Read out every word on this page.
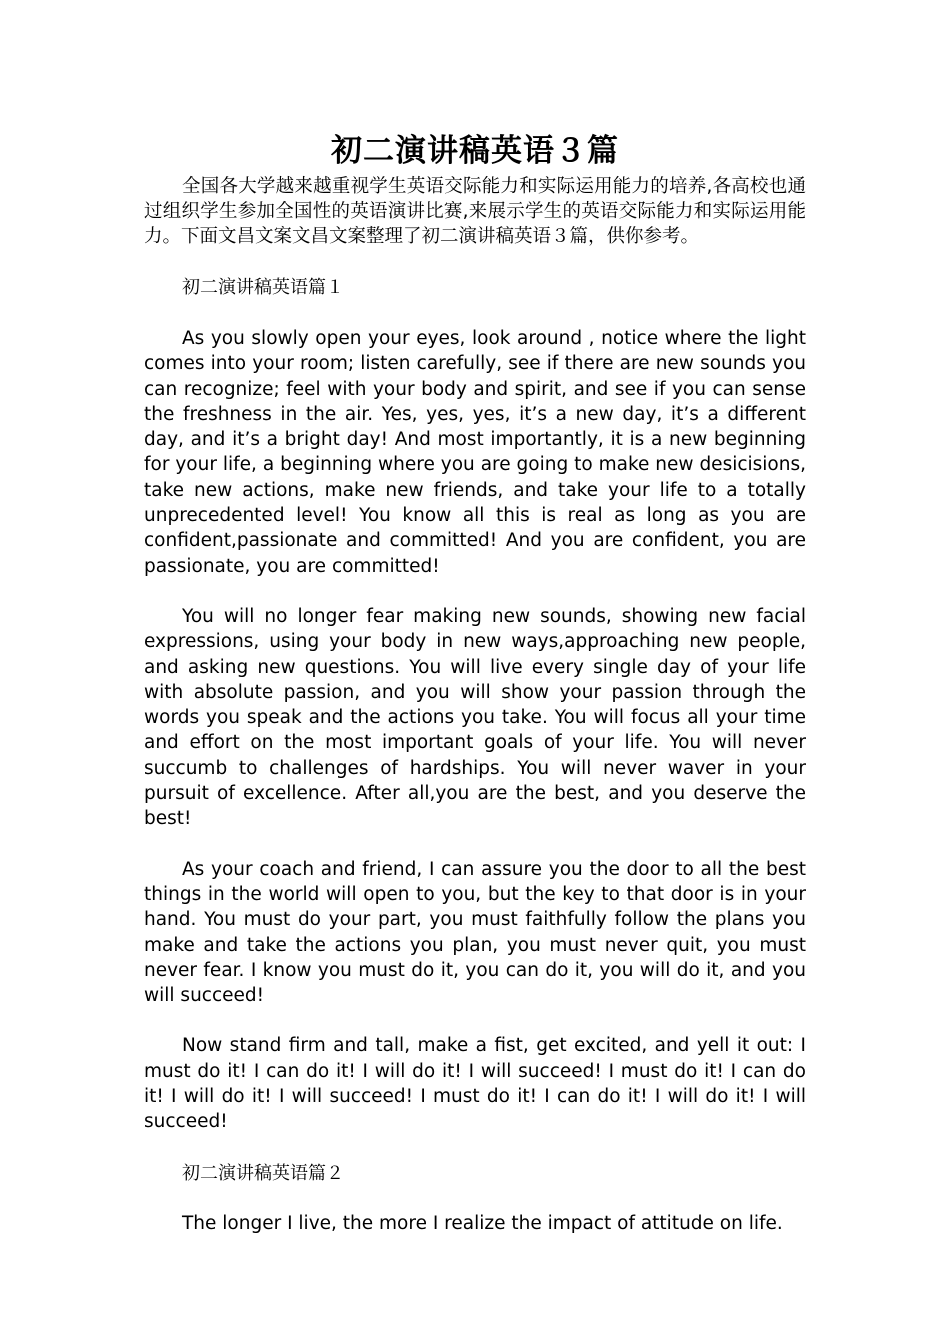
初二演讲稿英语３篇

全国各大学越来越重视学生英语交际能力和实际运用能力的培养,各高校也通过组织学生参加全国性的英语演讲比赛,来展示学生的英语交际能力和实际运用能力。下面文昌文案文昌文案整理了初二演讲稿英语３篇，供你参考。

初二演讲稿英语篇１

As you slowly open your eyes, look around , notice where the light comes into your room; listen carefully, see if there are new sounds you can recognize; feel with your body and spirit, and see if you can sense the freshness in the air. Yes, yes, yes, it’s a new day, it’s a different day, and it’s a bright day! And most importantly, it is a new beginning for your life, a beginning where you are going to make new desicisions, take new actions, make new friends, and take your life to a totally unprecedented level! You know all this is real as long as you are confident,passionate and committed! And you are confident, you are passionate, you are committed!

You will no longer fear making new sounds, showing new facial expressions, using your body in new ways,approaching new people, and asking new questions. You will live every single day of your life with absolute passion, and you will show your passion through the words you speak and the actions you take. You will focus all your time and effort on the most important goals of your life. You will never succumb to challenges of hardships. You will never waver in your pursuit of excellence. After all,you are the best, and you deserve the best!

As your coach and friend, I can assure you the door to all the best things in the world will open to you, but the key to that door is in your hand. You must do your part, you must faithfully follow the plans you make and take the actions you plan, you must never quit, you must never fear. I know you must do it, you can do it, you will do it, and you will succeed!

Now stand firm and tall, make a fist, get excited, and yell it out: I must do it! I can do it! I will do it! I will succeed! I must do it! I can do it! I will do it! I will succeed! I must do it! I can do it! I will do it! I will succeed!

初二演讲稿英语篇２

The longer I live, the more I realize the impact of attitude on life.
